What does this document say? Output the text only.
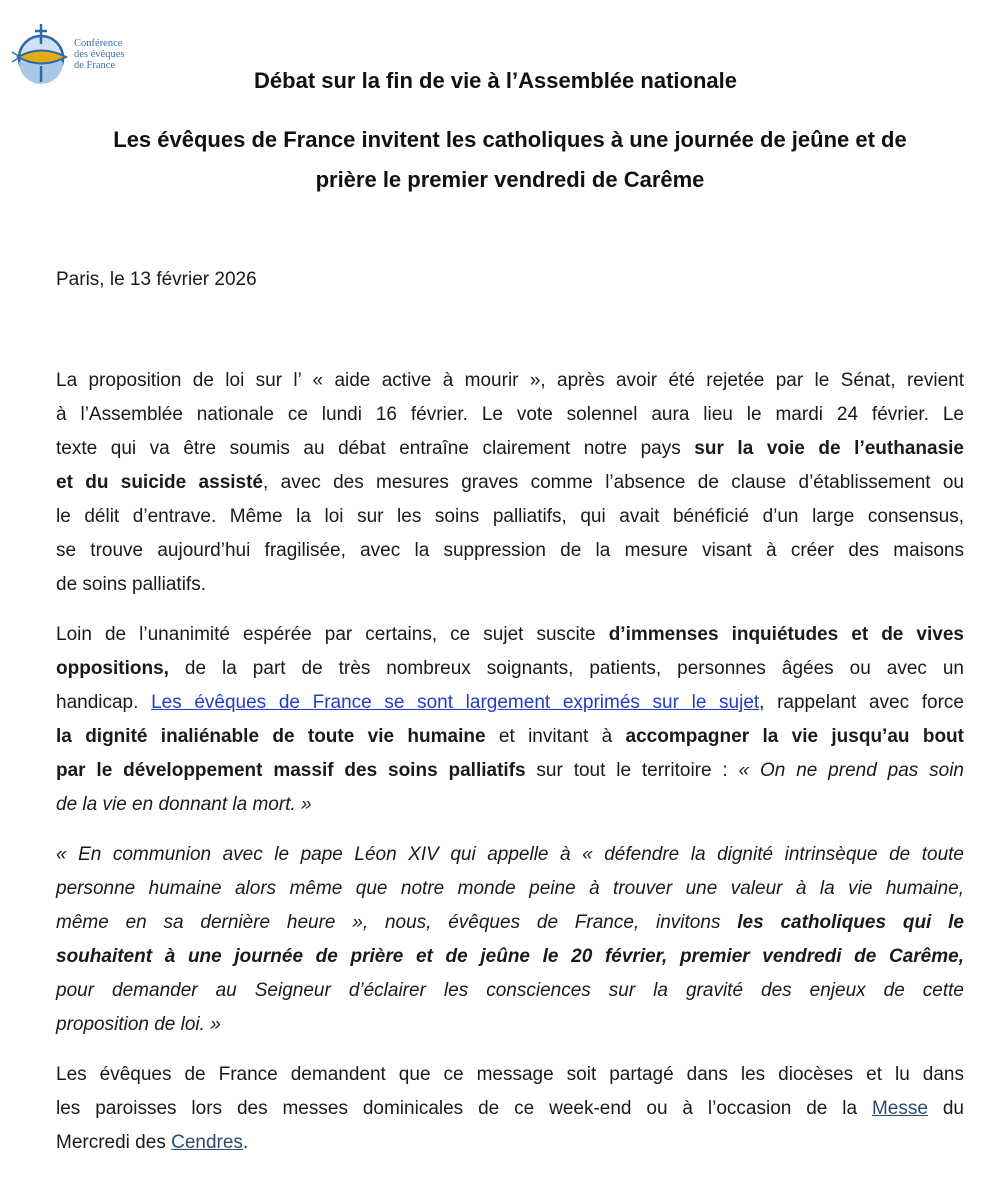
Conférence
des évêques
de France
Débat sur la fin de vie à l’Assemblée nationale
Les évêques de France invitent les catholiques à une journée de jeûne et de
prière le premier vendredi de Carême
Paris, le 13 février 2026
La proposition de loi sur l’ « aide active à mourir », après avoir été rejetée par le Sénat, revient
à l’Assemblée nationale ce lundi 16 février. Le vote solennel aura lieu le mardi 24 février. Le
texte qui va être soumis au débat entraîne clairement notre pays sur la voie de l’euthanasie
et du suicide assisté, avec des mesures graves comme l’absence de clause d’établissement ou
le délit d’entrave. Même la loi sur les soins palliatifs, qui avait bénéficié d’un large consensus,
se trouve aujourd’hui fragilisée, avec la suppression de la mesure visant à créer des maisons
de soins palliatifs.
Loin de l’unanimité espérée par certains, ce sujet suscite d’immenses inquiétudes et de vives
oppositions, de la part de très nombreux soignants, patients, personnes âgées ou avec un
handicap. Les évêques de France se sont largement exprimés sur le sujet, rappelant avec force
la dignité inaliénable de toute vie humaine et invitant à accompagner la vie jusqu’au bout
par le développement massif des soins palliatifs sur tout le territoire : « On ne prend pas soin
de la vie en donnant la mort. »
« En communion avec le pape Léon XIV qui appelle à « défendre la dignité intrinsèque de toute
personne humaine alors même que notre monde peine à trouver une valeur à la vie humaine,
même en sa dernière heure », nous, évêques de France, invitons les catholiques qui le
souhaitent à une journée de prière et de jeûne le 20 février, premier vendredi de Carême,
pour demander au Seigneur d’éclairer les consciences sur la gravité des enjeux de cette
proposition de loi. »
Les évêques de France demandent que ce message soit partagé dans les diocèses et lu dans
les paroisses lors des messes dominicales de ce week-end ou à l’occasion de la Messe du
Mercredi des Cendres.
